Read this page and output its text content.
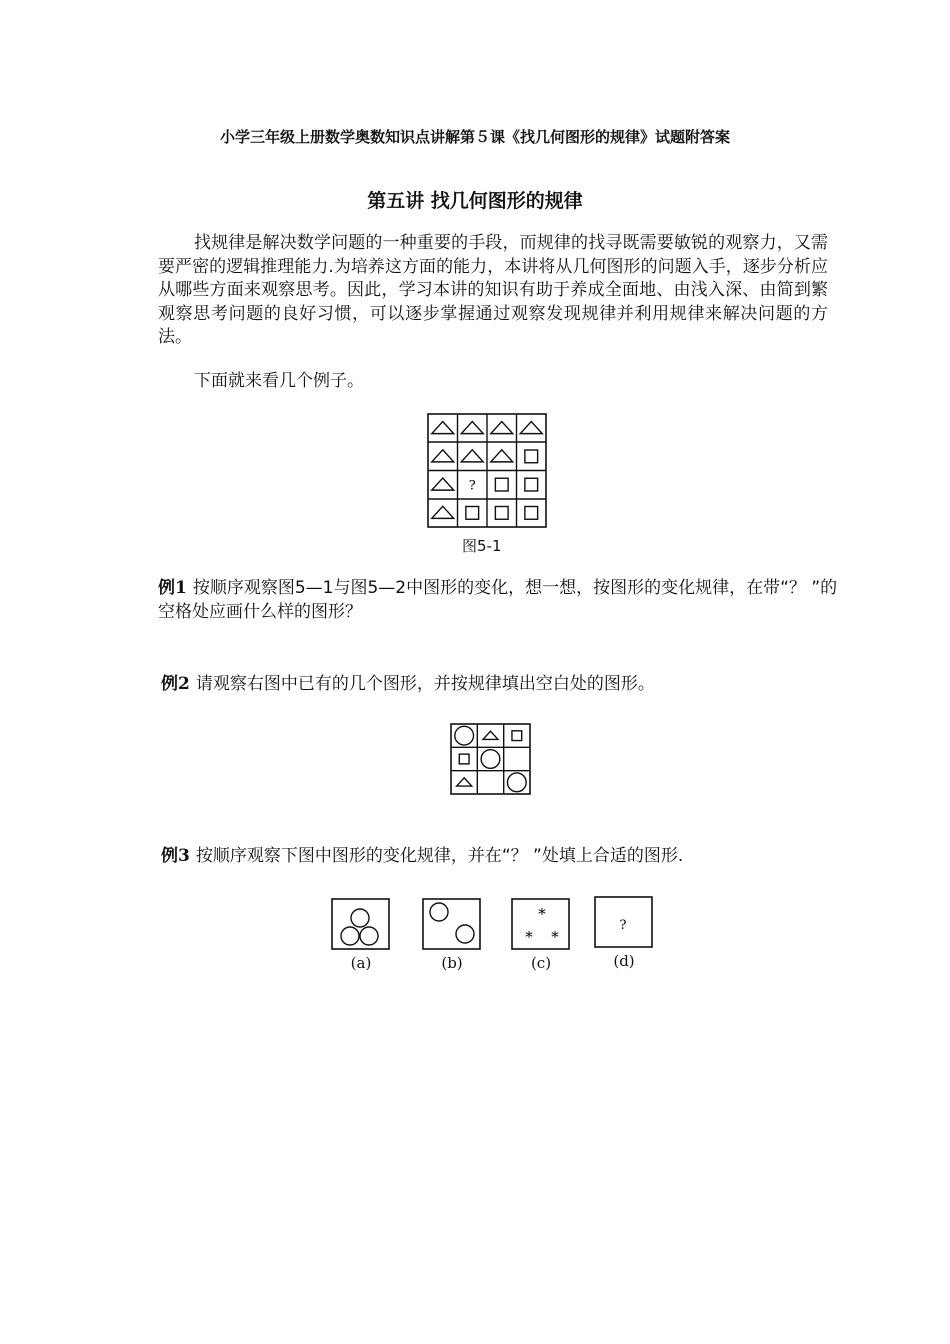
小学三年级上册数学奥数知识点讲解第５课《找几何图形的规律》试题附答案
第五讲 找几何图形的规律
找规律是解决数学问题的一种重要的手段，而规律的找寻既需要敏锐的观察力，又需要严密的逻辑推理能力.为培养这方面的能力，本讲将从几何图形的问题入手，逐步分析应从哪些方面来观察思考。因此，学习本讲的知识有助于养成全面地、由浅入深、由简到繁观察思考问题的良好习惯，可以逐步掌握通过观察发现规律并利用规律来解决问题的方法。
下面就来看几个例子。
?
图5-1
例1 按顺序观察图5—1与图5—2中图形的变化，想一想，按图形的变化规律，在带“？ ”的空格处应画什么样的图形？
例2 请观察右图中已有的几个图形，并按规律填出空白处的图形。
例3 按顺序观察下图中图形的变化规律，并在“？ ”处填上合适的图形.
*
* *
?
(a)	(b)	(c)	(d)
